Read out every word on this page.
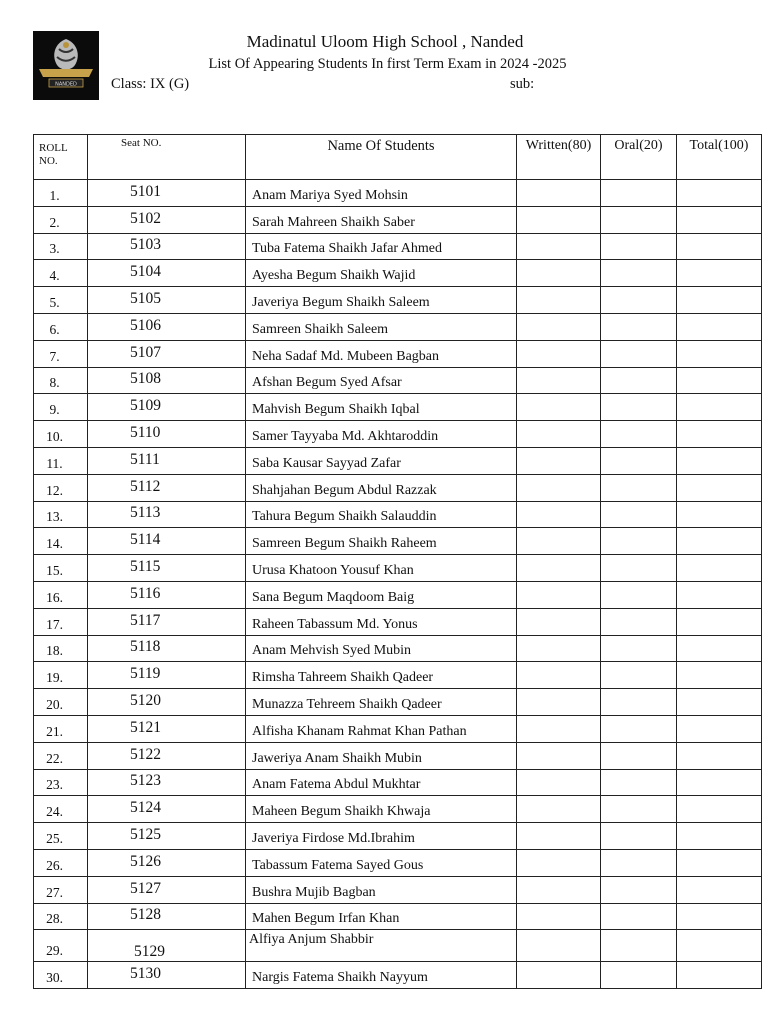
NANDED
Madinatul Uloom High School , Nanded
List Of Appearing Students In first Term Exam in 2024 -2025
Class: IX (G)	sub:
ROLL NO.	Seat NO.	Name Of Students	Written(80)	Oral(20)	Total(100)
1.	5101	Anam Mariya Syed Mohsin			
2.	5102	Sarah Mahreen Shaikh Saber			
3.	5103	Tuba Fatema Shaikh Jafar Ahmed			
4.	5104	Ayesha Begum Shaikh Wajid			
5.	5105	Javeriya Begum Shaikh Saleem			
6.	5106	Samreen Shaikh Saleem			
7.	5107	Neha Sadaf Md. Mubeen Bagban			
8.	5108	Afshan Begum Syed Afsar			
9.	5109	Mahvish Begum Shaikh Iqbal			
10.	5110	Samer Tayyaba Md. Akhtaroddin			
11.	5111	Saba Kausar Sayyad Zafar			
12.	5112	Shahjahan Begum Abdul Razzak			
13.	5113	Tahura Begum Shaikh Salauddin			
14.	5114	Samreen Begum Shaikh Raheem			
15.	5115	Urusa Khatoon Yousuf Khan			
16.	5116	Sana Begum Maqdoom Baig			
17.	5117	Raheen Tabassum Md. Yonus			
18.	5118	Anam Mehvish Syed Mubin			
19.	5119	Rimsha Tahreem Shaikh Qadeer			
20.	5120	Munazza Tehreem Shaikh Qadeer			
21.	5121	Alfisha Khanam Rahmat Khan Pathan			
22.	5122	Jaweriya Anam Shaikh Mubin			
23.	5123	Anam Fatema Abdul Mukhtar			
24.	5124	Maheen Begum Shaikh Khwaja			
25.	5125	Javeriya Firdose Md.Ibrahim			
26.	5126	Tabassum Fatema Sayed Gous			
27.	5127	Bushra Mujib Bagban			
28.	5128	Mahen Begum Irfan Khan			
29.	5129	Alfiya Anjum Shabbir			
30.	5130	Nargis Fatema Shaikh Nayyum			
